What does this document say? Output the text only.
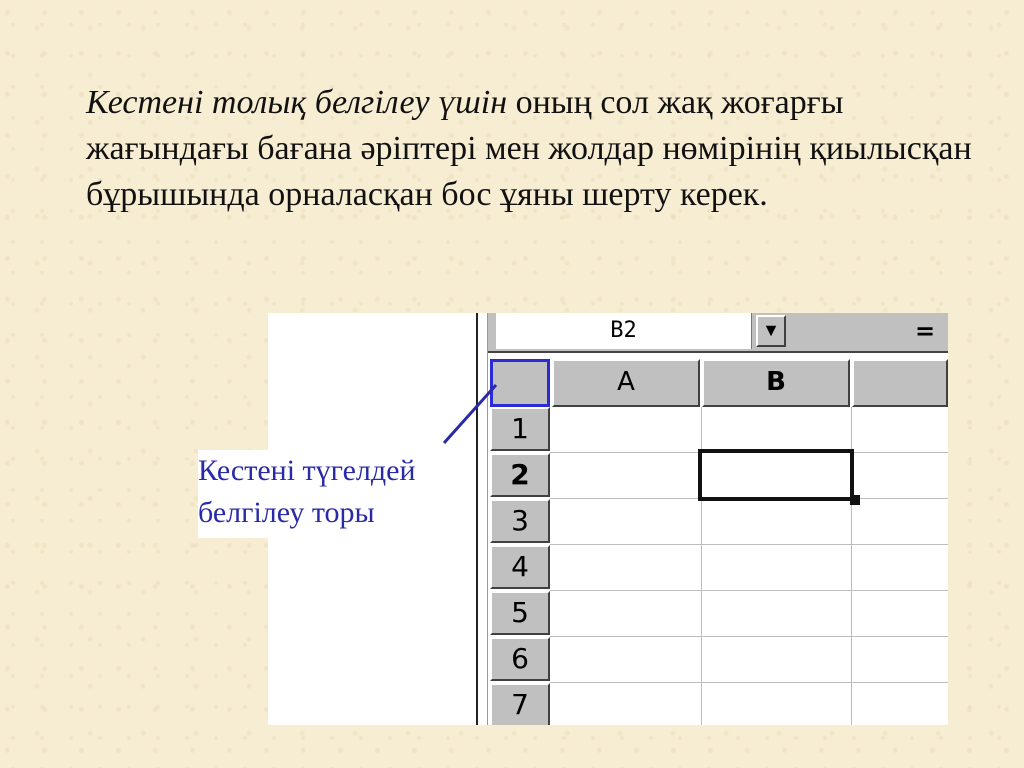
Кестені толық белгілеу үшін оның сол жақ жоғарғы жағындағы бағана әріптері мен жолдар нөмірінің қиылысқан бұрышында орналасқан бос ұяны шерту керек.
B2	▼	=
A	B
1
2
3
4
5
6
7
Кестені түгелдей
белгілеу торы
